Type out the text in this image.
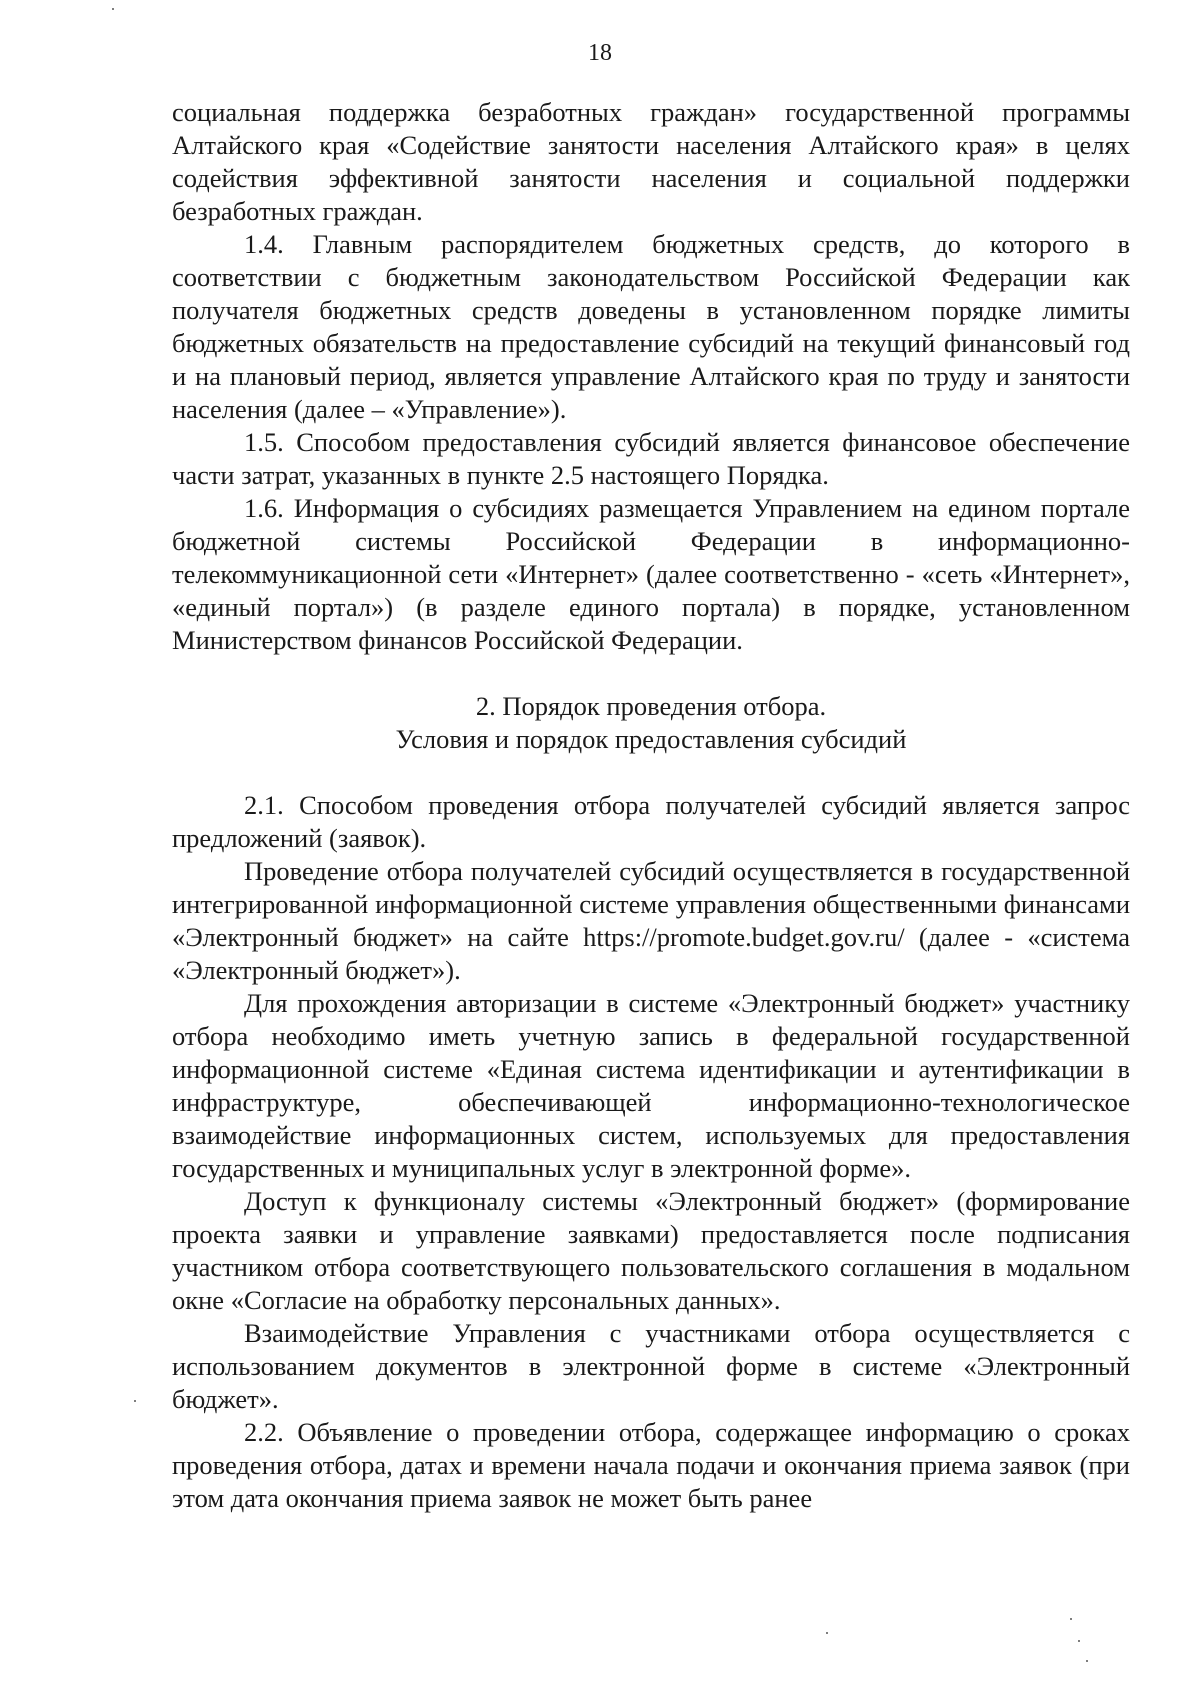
18

социальная поддержка безработных граждан» государственной программы Алтайского края «Содействие занятости населения Алтайского края» в целях содействия эффективной занятости населения и социальной поддержки безработных граждан.

1.4. Главным распорядителем бюджетных средств, до которого в соответствии с бюджетным законодательством Российской Федерации как получателя бюджетных средств доведены в установленном порядке лимиты бюджетных обязательств на предоставление субсидий на текущий финансовый год и на плановый период, является управление Алтайского края по труду и занятости населения (далее – «Управление»).

1.5. Способом предоставления субсидий является финансовое обеспечение части затрат, указанных в пункте 2.5 настоящего Порядка.

1.6. Информация о субсидиях размещается Управлением на едином портале бюджетной системы Российской Федерации в информационно-телекоммуникационной сети «Интернет» (далее соответственно - «сеть «Интернет», «единый портал») (в разделе единого портала) в порядке, установленном Министерством финансов Российской Федерации.

2. Порядок проведения отбора.
Условия и порядок предоставления субсидий

2.1. Способом проведения отбора получателей субсидий является запрос предложений (заявок).

Проведение отбора получателей субсидий осуществляется в государственной интегрированной информационной системе управления общественными финансами «Электронный бюджет» на сайте https://promote.budget.gov.ru/ (далее - «система «Электронный бюджет»).

Для прохождения авторизации в системе «Электронный бюджет» участнику отбора необходимо иметь учетную запись в федеральной государственной информационной системе «Единая система идентификации и аутентификации в инфраструктуре, обеспечивающей информационно-технологическое взаимодействие информационных систем, используемых для предоставления государственных и муниципальных услуг в электронной форме».

Доступ к функционалу системы «Электронный бюджет» (формирование проекта заявки и управление заявками) предоставляется после подписания участником отбора соответствующего пользовательского соглашения в модальном окне «Согласие на обработку персональных данных».

Взаимодействие Управления с участниками отбора осуществляется с использованием документов в электронной форме в системе «Электронный бюджет».

2.2. Объявление о проведении отбора, содержащее информацию о сроках проведения отбора, датах и времени начала подачи и окончания приема заявок (при этом дата окончания приема заявок не может быть ранее
